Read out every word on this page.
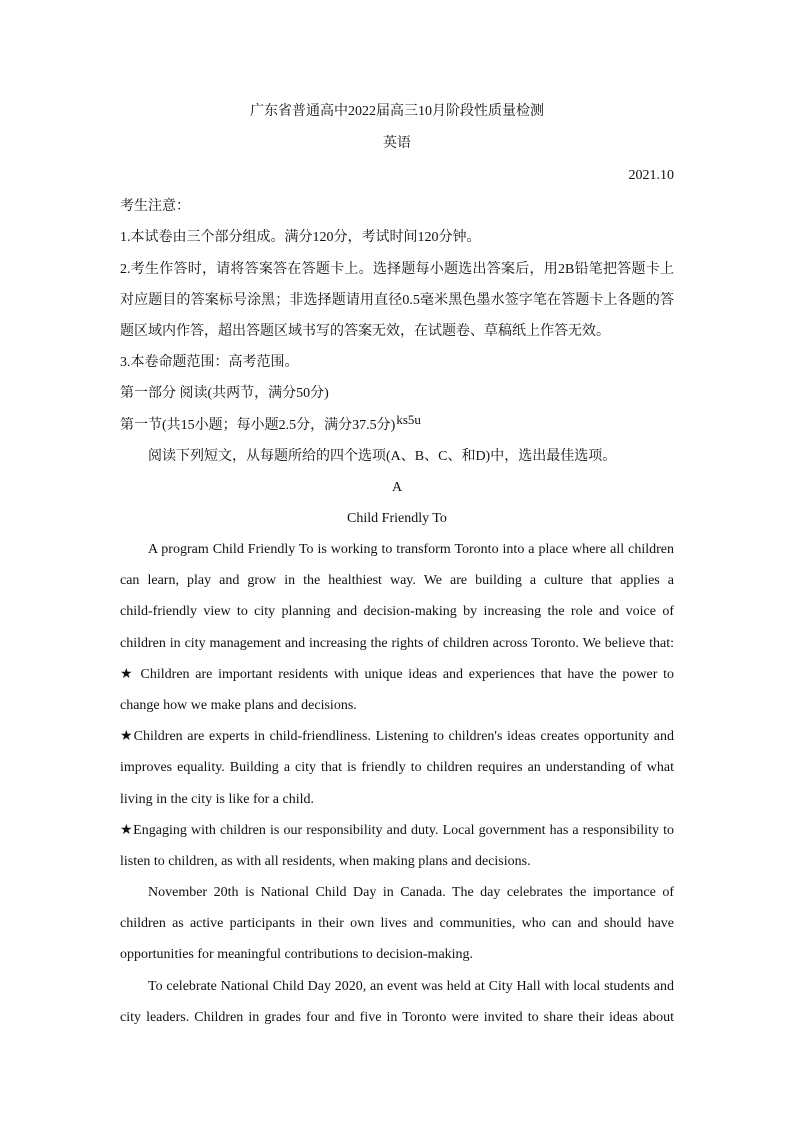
广东省普通高中2022届高三10月阶段性质量检测
英语
2021.10
考生注意：
1.本试卷由三个部分组成。满分120分，考试时间120分钟。
2.考生作答时，请将答案答在答题卡上。选择题每小题选出答案后，用2B铅笔把答题卡上
对应题目的答案标号涂黑；非选择题请用直径0.5毫米黑色墨水签字笔在答题卡上各题的答
题区域内作答，超出答题区域书写的答案无效，在试题卷、草稿纸上作答无效。
3.本卷命题范围：高考范围。
第一部分 阅读(共两节，满分50分)
第一节(共15小题；每小题2.5分，满分37.5分)ks5u
阅读下列短文，从每题所给的四个选项(A、B、C、和D)中，选出最佳选项。
A
Child Friendly To
A program Child Friendly To is working to transform Toronto into a place where all children
can learn, play and grow in the healthiest way. We are building a culture that applies a
child-friendly view to city planning and decision-making by increasing the role and voice of
children in city management and increasing the rights of children across Toronto. We believe that:
★ Children are important residents with unique ideas and experiences that have the power to
change how we make plans and decisions.
★Children are experts in child-friendliness. Listening to children's ideas creates opportunity and
improves equality. Building a city that is friendly to children requires an understanding of what
living in the city is like for a child.
★Engaging with children is our responsibility and duty. Local government has a responsibility to
listen to children, as with all residents, when making plans and decisions.
November 20th is National Child Day in Canada. The day celebrates the importance of
children as active participants in their own lives and communities, who can and should have
opportunities for meaningful contributions to decision-making.
To celebrate National Child Day 2020, an event was held at City Hall with local students and
city leaders. Children in grades four and five in Toronto were invited to share their ideas about
